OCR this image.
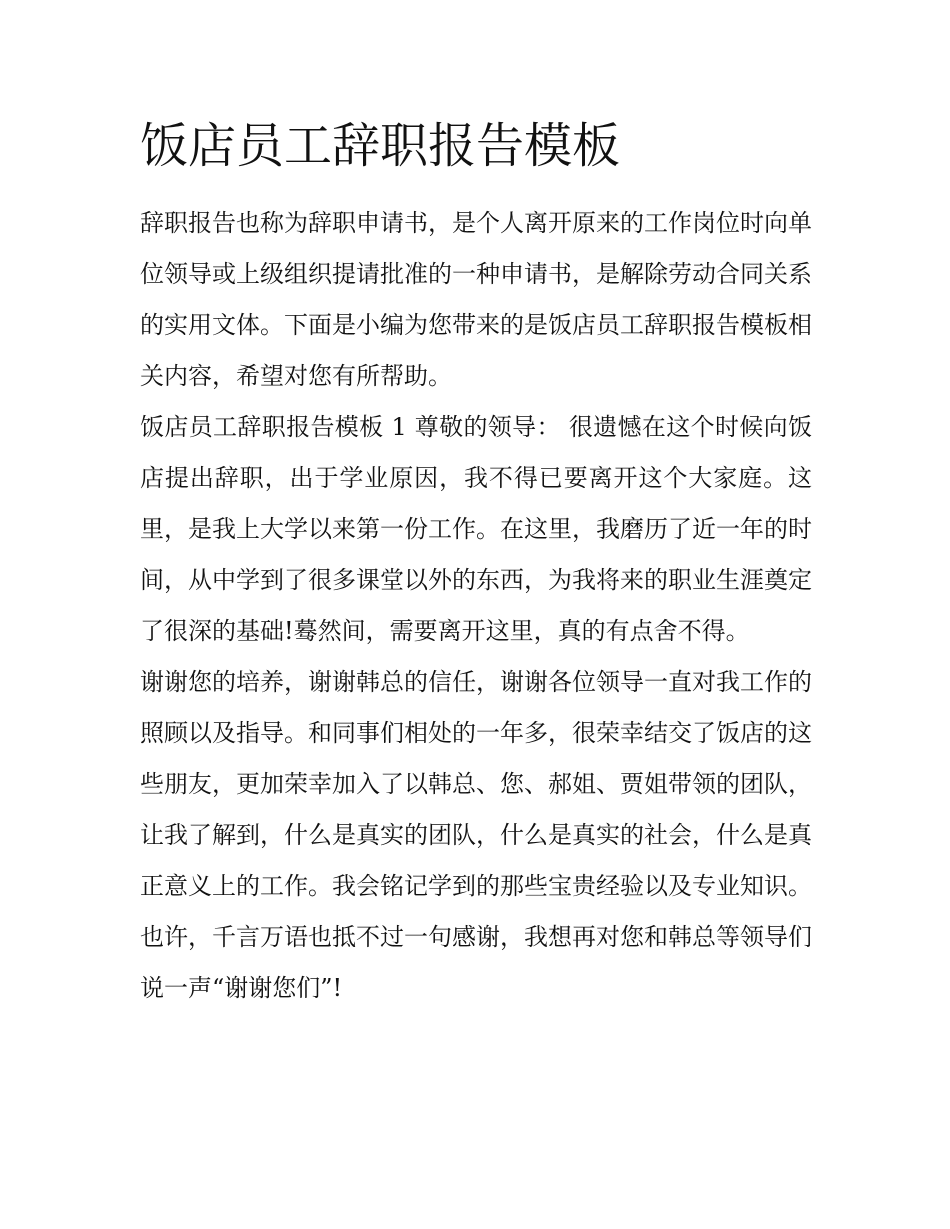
饭店员工辞职报告模板

辞职报告也称为辞职申请书，是个人离开原来的工作岗位时向单位领导或上级组织提请批准的一种申请书，是解除劳动合同关系的实用文体。下面是小编为您带来的是饭店员工辞职报告模板相关内容，希望对您有所帮助。

饭店员工辞职报告模板 1 尊敬的领导： 很遗憾在这个时候向饭店提出辞职，出于学业原因，我不得已要离开这个大家庭。这里，是我上大学以来第一份工作。在这里，我磨历了近一年的时间，从中学到了很多课堂以外的东西，为我将来的职业生涯奠定了很深的基础!蓦然间，需要离开这里，真的有点舍不得。

谢谢您的培养，谢谢韩总的信任，谢谢各位领导一直对我工作的照顾以及指导。和同事们相处的一年多，很荣幸结交了饭店的这些朋友，更加荣幸加入了以韩总、您、郝姐、贾姐带领的团队，让我了解到，什么是真实的团队，什么是真实的社会，什么是真正意义上的工作。我会铭记学到的那些宝贵经验以及专业知识。

也许，千言万语也抵不过一句感谢，我想再对您和韩总等领导们说一声“谢谢您们”!
